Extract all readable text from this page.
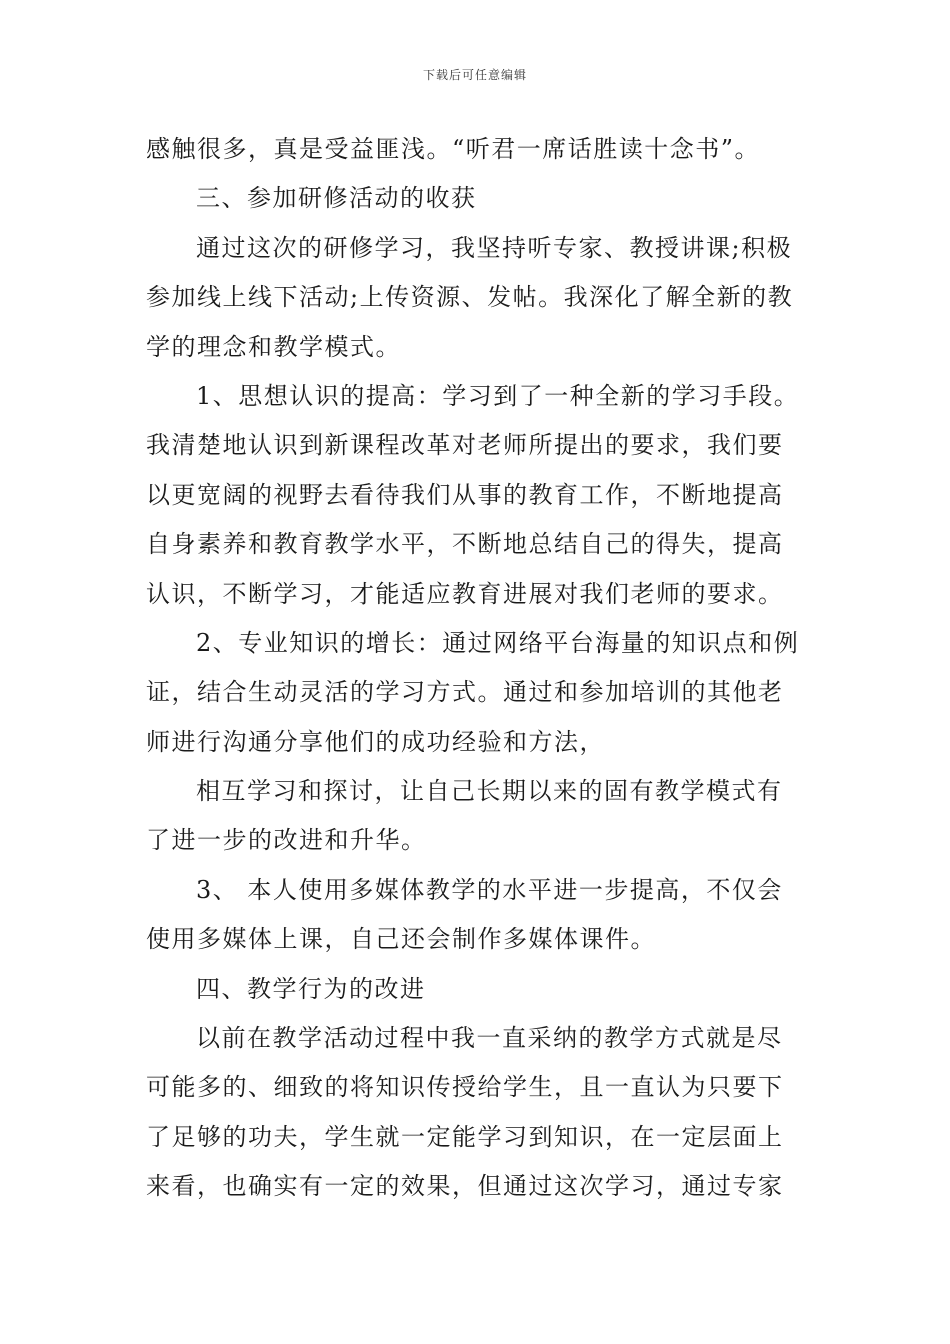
下载后可任意编辑
感触很多，真是受益匪浅。“听君一席话胜读十念书”。
三、参加研修活动的收获
通过这次的研修学习，我坚持听专家、教授讲课;积极
参加线上线下活动;上传资源、发帖。我深化了解全新的教
学的理念和教学模式。
1、思想认识的提高：学习到了一种全新的学习手段。
我清楚地认识到新课程改革对老师所提出的要求，我们要
以更宽阔的视野去看待我们从事的教育工作，不断地提高
自身素养和教育教学水平，不断地总结自己的得失，提高
认识，不断学习，才能适应教育进展对我们老师的要求。
2、专业知识的增长：通过网络平台海量的知识点和例
证，结合生动灵活的学习方式。通过和参加培训的其他老
师进行沟通分享他们的成功经验和方法，
相互学习和探讨，让自己长期以来的固有教学模式有
了进一步的改进和升华。
3、 本人使用多媒体教学的水平进一步提高，不仅会
使用多媒体上课，自己还会制作多媒体课件。
四、教学行为的改进
以前在教学活动过程中我一直采纳的教学方式就是尽
可能多的、细致的将知识传授给学生，且一直认为只要下
了足够的功夫，学生就一定能学习到知识，在一定层面上
来看，也确实有一定的效果，但通过这次学习，通过专家
